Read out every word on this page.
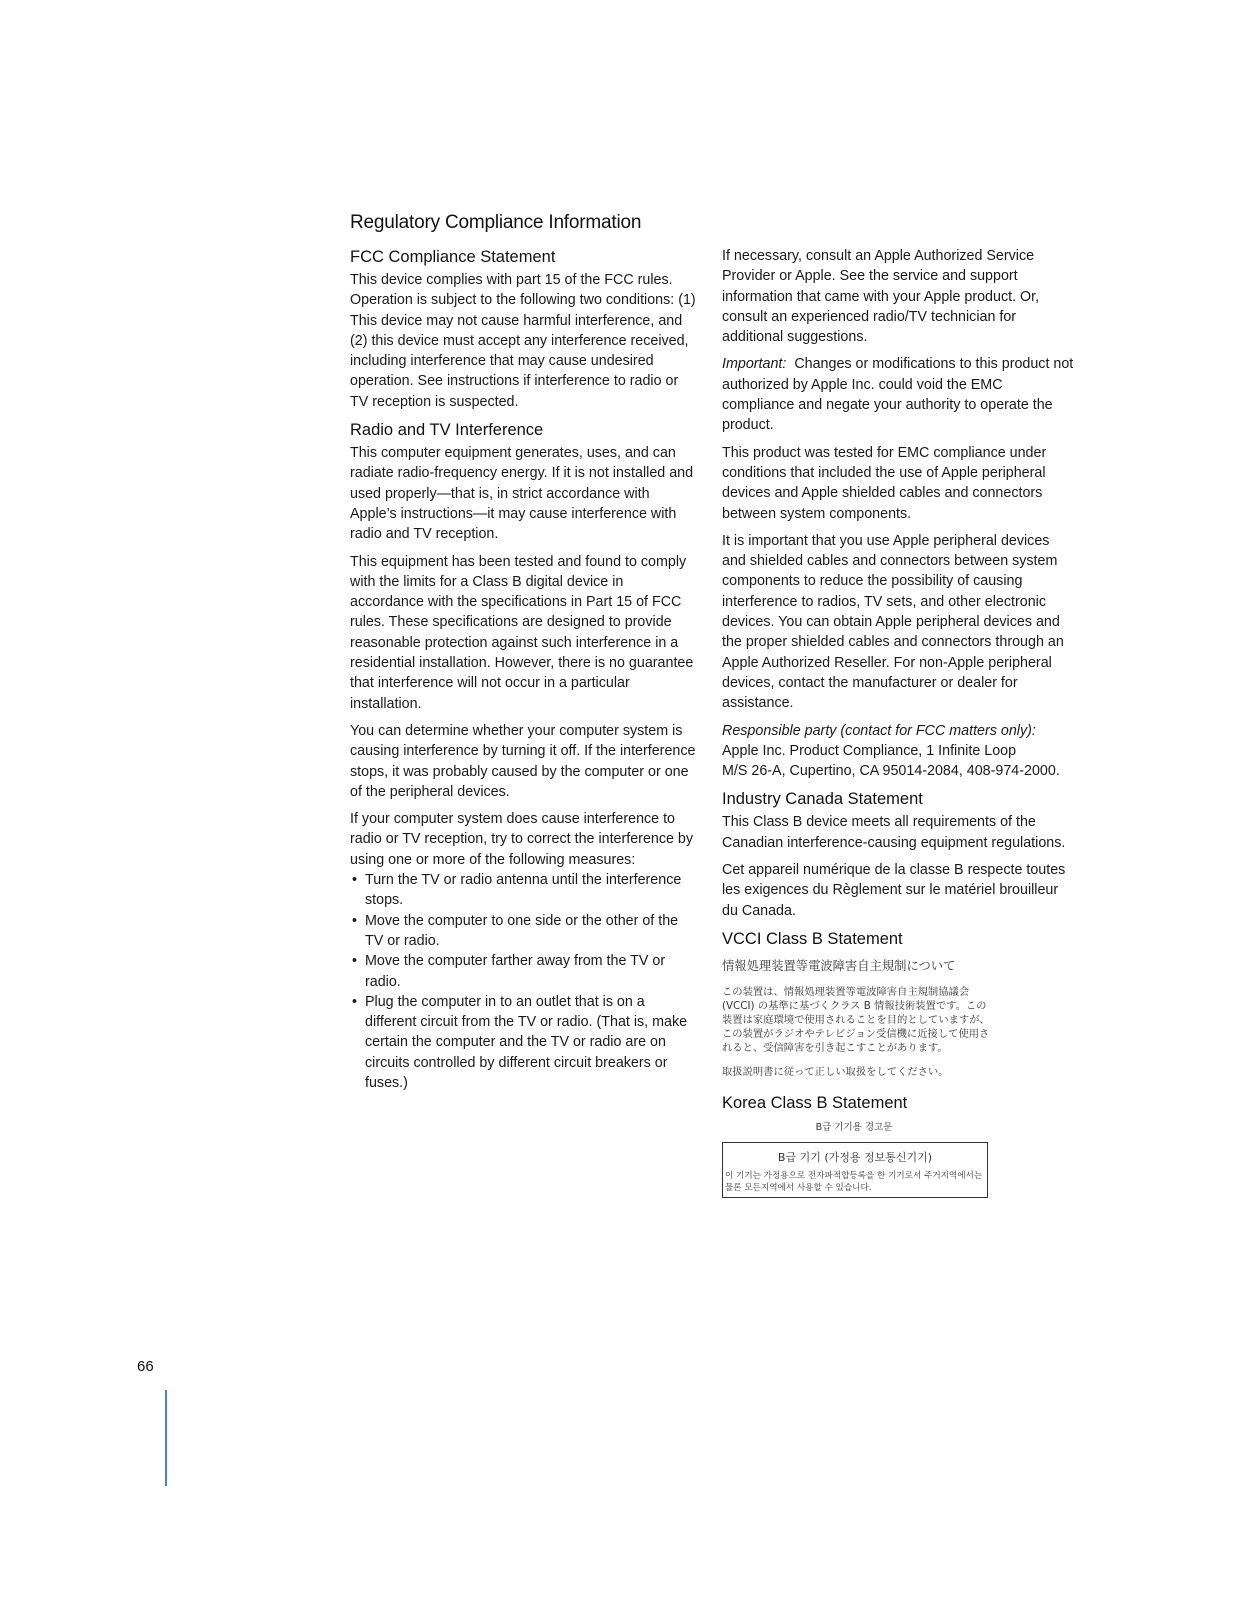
Regulatory Compliance Information
FCC Compliance Statement

This device complies with part 15 of the FCC rules. Operation is subject to the following two conditions: (1) This device may not cause harmful interference, and (2) this device must accept any interference received, including interference that may cause undesired operation. See instructions if interference to radio or TV reception is suspected.

Radio and TV Interference

This computer equipment generates, uses, and can radiate radio-frequency energy. If it is not installed and used properly—that is, in strict accordance with Apple’s instructions—it may cause interference with radio and TV reception.

This equipment has been tested and found to comply with the limits for a Class B digital device in accordance with the specifications in Part 15 of FCC rules. These specifications are designed to provide reasonable protection against such interference in a residential installation. However, there is no guarantee that interference will not occur in a particular installation.

You can determine whether your computer system is causing interference by turning it off. If the interference stops, it was probably caused by the computer or one of the peripheral devices.

If your computer system does cause interference to radio or TV reception, try to correct the interference by using one or more of the following measures:

• Turn the TV or radio antenna until the interference stops.
• Move the computer to one side or the other of the TV or radio.
• Move the computer farther away from the TV or radio.
• Plug the computer in to an outlet that is on a different circuit from the TV or radio. (That is, make certain the computer and the TV or radio are on circuits controlled by different circuit breakers or fuses.)

If necessary, consult an Apple Authorized Service Provider or Apple. See the service and support information that came with your Apple product. Or, consult an experienced radio/TV technician for additional suggestions.

Important: Changes or modifications to this product not authorized by Apple Inc. could void the EMC compliance and negate your authority to operate the product.

This product was tested for EMC compliance under conditions that included the use of Apple peripheral devices and Apple shielded cables and connectors between system components.

It is important that you use Apple peripheral devices and shielded cables and connectors between system components to reduce the possibility of causing interference to radios, TV sets, and other electronic devices. You can obtain Apple peripheral devices and the proper shielded cables and connectors through an Apple Authorized Reseller. For non-Apple peripheral devices, contact the manufacturer or dealer for assistance.

Responsible party (contact for FCC matters only):
Apple Inc. Product Compliance, 1 Infinite Loop
M/S 26-A, Cupertino, CA 95014-2084, 408-974-2000.

Industry Canada Statement

This Class B device meets all requirements of the Canadian interference-causing equipment regulations.

Cet appareil numérique de la classe B respecte toutes les exigences du Règlement sur le matériel brouilleur du Canada.

VCCI Class B Statement
情報処理装置等電波障害自主規制について
この装置は、情報処理装置等電波障害自主規制協議会 (VCCI) の基準に基づくクラス B 情報技術装置です。この装置は家庭環境で使用されることを目的としていますが、この装置がラジオやテレビジョン受信機に近接して使用されると、受信障害を引き起こすことがあります。
取扱説明書に従って正しい取扱をしてください。
Korea Class B Statement
B급 기기용 경고문
B급 기기 (가정용 정보통신기기)
이 기기는 가정용으로 전자파적합등록을 한 기기로서 주거지역에서는 물론 모든지역에서 사용할 수 있습니다.
66
